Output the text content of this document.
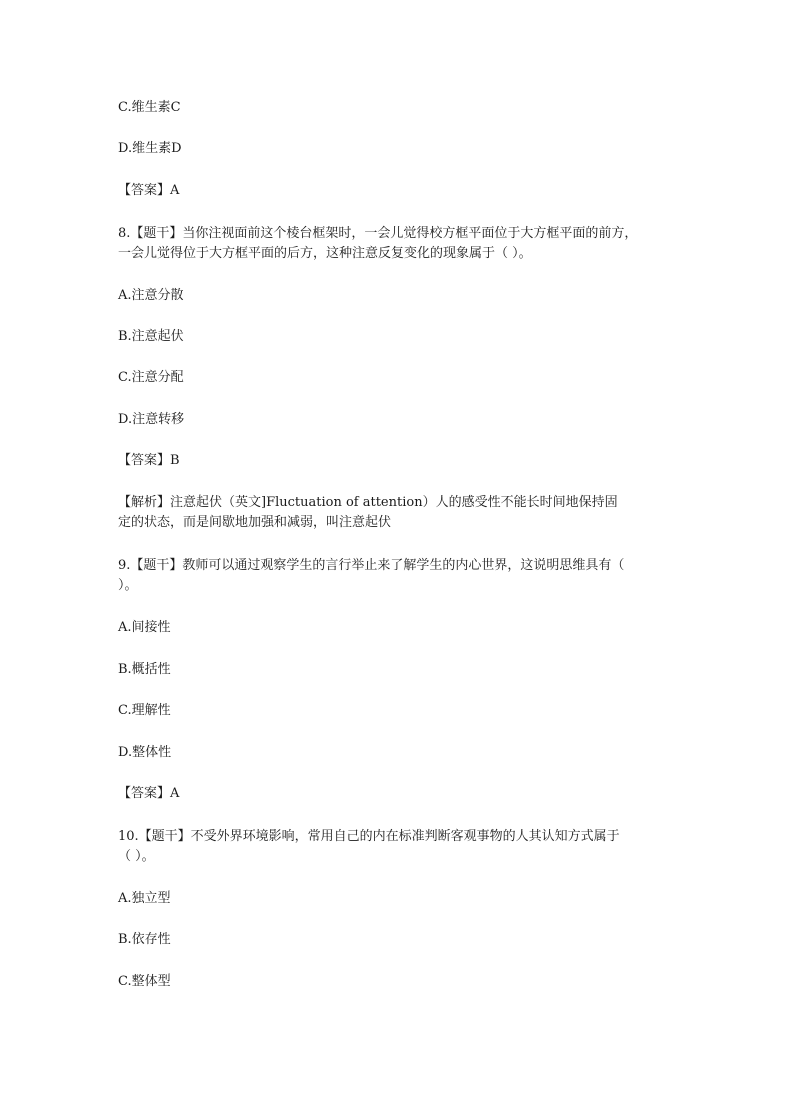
C.维生素C
D.维生素D
【答案】A
8.【题干】当你注视面前这个棱台框架时，一会儿觉得校方框平面位于大方框平面的前方，
一会儿觉得位于大方框平面的后方，这种注意反复变化的现象属于（ ）。
A.注意分散
B.注意起伏
C.注意分配
D.注意转移
【答案】B
【解析】注意起伏（英文]Fluctuation of attention）人的感受性不能长时间地保持固
定的状态，而是间歇地加强和减弱，叫注意起伏
9.【题干】教师可以通过观察学生的言行举止来了解学生的内心世界，这说明思维具有（
）。
A.间接性
B.概括性
C.理解性
D.整体性
【答案】A
10.【题干】不受外界环境影响，常用自己的内在标准判断客观事物的人其认知方式属于
（ ）。
A.独立型
B.依存性
C.整体型
